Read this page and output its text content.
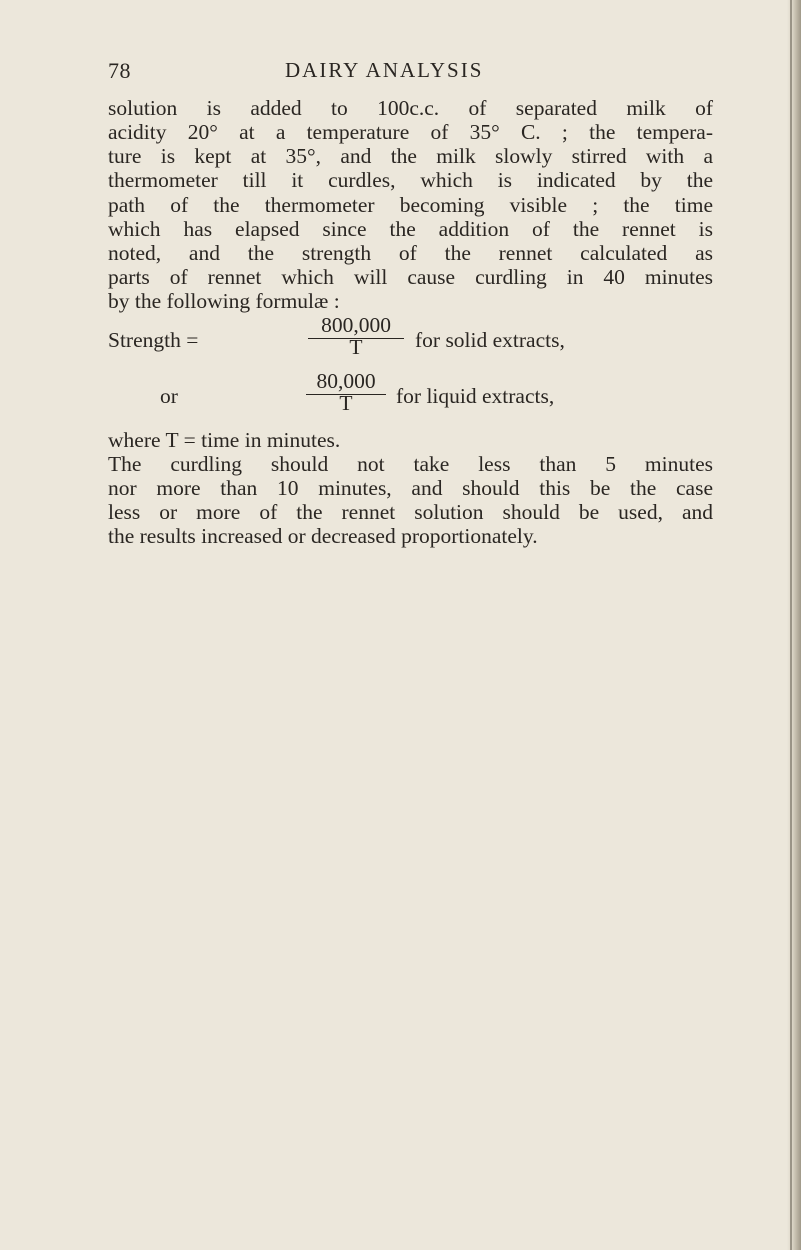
78	DAIRY ANALYSIS

solution is added to 100c.c. of separated milk of

acidity 20° at a temperature of 35° C. ; the tempera-

ture is kept at 35°, and the milk slowly stirred with a

thermometer till it curdles, which is indicated by the

path of the thermometer becoming visible ; the time

which has elapsed since the addition of the rennet is

noted, and the strength of the rennet calculated as

parts of rennet which will cause curdling in 40 minutes

by the following formulæ :

Strength =
800,000
T	for solid extracts,
or
80,000
T	for liquid extracts,

where T = time in minutes.

The curdling should not take less than 5 minutes

nor more than 10 minutes, and should this be the case

less or more of the rennet solution should be used, and

the results increased or decreased proportionately.
